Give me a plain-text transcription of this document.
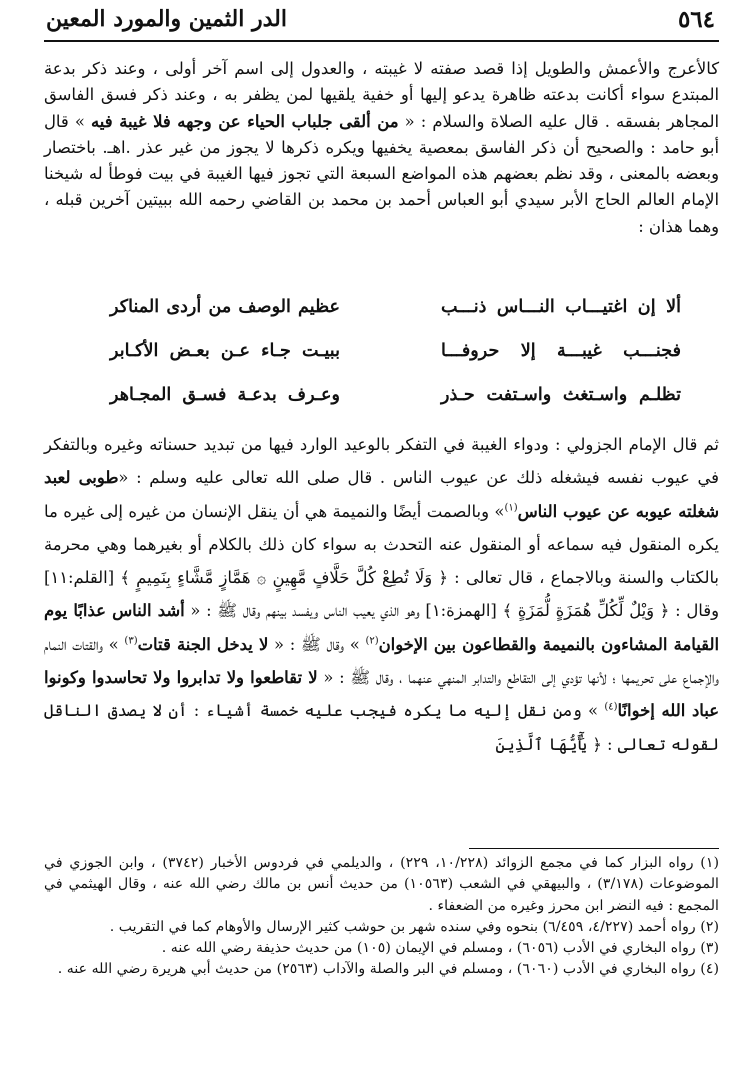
٥٦٤
الدر الثمين والمورد المعين

كالأعرج والأعمش والطويل إذا قصد صفته لا غيبته ، والعدول إلى اسم آخر أولى ، وعند ذكر بدعة المبتدع سواء أكانت بدعته ظاهرة يدعو إليها أو خفية يلقيها لمن يظفر به ، وعند ذكر فسق الفاسق المجاهر بفسقه . قال عليه الصلاة والسلام : « من ألقى جلباب الحياء عن وجهه فلا غيبة فيه » قال أبو حامد : والصحيح أن ذكر الفاسق بمعصية يخفيها ويكره ذكرها لا يجوز من غير عذر .اهـ. باختصار وبعضه بالمعنى ، وقد نظم بعضهم هذه المواضع السبعة التي تجوز فيها الغيبة في بيت فوطأ له شيخنا الإمام العالم الحاج الأبر سيدي أبو العباس أحمد بن محمد بن القاضي رحمه الله ببيتين آخرين قبله ، وهما هذان :

ألا إن اغتيـــاب النـــاس ذنـــب
عظيم الوصف من أردى المناكر
فجنـــب غيبـــة إلا حروفـــا
ببيـت جـاء عـن بعـض الأكـابر
تظلـم واسـتغث واسـتفت حـذر
وعـرف بدعـة فسـق المجـاهر

ثم قال الإمام الجزولي : ودواء الغيبة في التفكر بالوعيد الوارد فيها من تبديد حسناته وغيره وبالتفكر في عيوب نفسه فيشغله ذلك عن عيوب الناس . قال صلى الله تعالى عليه وسلم : «طوبى لعبد شغلته عيوبه عن عيوب الناس$^{(١)}$» وبالصمت أيضًا والنميمة هي أن ينقل الإنسان من غيره إلى غيره ما يكره المنقول فيه سماعه أو المنقول عنه التحدث به سواء كان ذلك بالكلام أو بغيرهما وهي محرمة بالكتاب والسنة وبالاجماع ، قال تعالى : ﴿ وَلَا تُطِعْ كُلَّ حَلَّافٍ مَّهِينٍ ۞ هَمَّازٍ مَّشَّاءٍ بِنَمِيمٍ ﴾ [القلم:١١] وقال : ﴿ وَيْلٌ لِّكُلِّ هُمَزَةٍ لُّمَزَةٍ ﴾ [الهمزة:١] وهو الذي يعيب الناس ويفسد بينهم وقال ﷺ : « أشد الناس عذابًا يوم القيامة المشاءون بالنميمة والقطاعون بين الإخوان$^{(٢)}$ » وقال ﷺ : « لا يدخل الجنة قتات$^{(٣)}$ » والقتات النمام والإجماع على تحريمها ؛ لأنها تؤدي إلى التقاطع والتدابر المنهي عنهما ، وقال ﷺ : « لا تقاطعوا ولا تدابروا ولا تحاسدوا وكونوا عباد الله إخوانًا$^{(٤)}$ » ومن نقل إليه ما يكره فيجب عليه خمسة أشياء : أن لا يصدق الناقل لقوله تعالى : ﴿ يَٰٓأَيُّهَا ٱلَّذِينَ

(١) رواه البزار كما في مجمع الزوائد (١٠/٢٢٨، ٢٢٩) ، والديلمي في فردوس الأخبار (٣٧٤٢) ، وابن الجوزي في الموضوعات (٣/١٧٨) ، والبيهقي في الشعب (١٠٥٦٣) من حديث أنس بن مالك رضي الله عنه ، وقال الهيثمي في المجمع : فيه النضر ابن محرز وغيره من الضعفاء .

(٢) رواه أحمد (٤/٢٢٧، ٦/٤٥٩) بنحوه وفي سنده شهر بن حوشب كثير الإرسال والأوهام كما في التقريب .

(٣) رواه البخاري في الأدب (٦٠٥٦) ، ومسلم في الإيمان (١٠٥) من حديث حذيفة رضي الله عنه .

(٤) رواه البخاري في الأدب (٦٠٦٠) ، ومسلم في البر والصلة والآداب (٢٥٦٣) من حديث أبي هريرة رضي الله عنه .
